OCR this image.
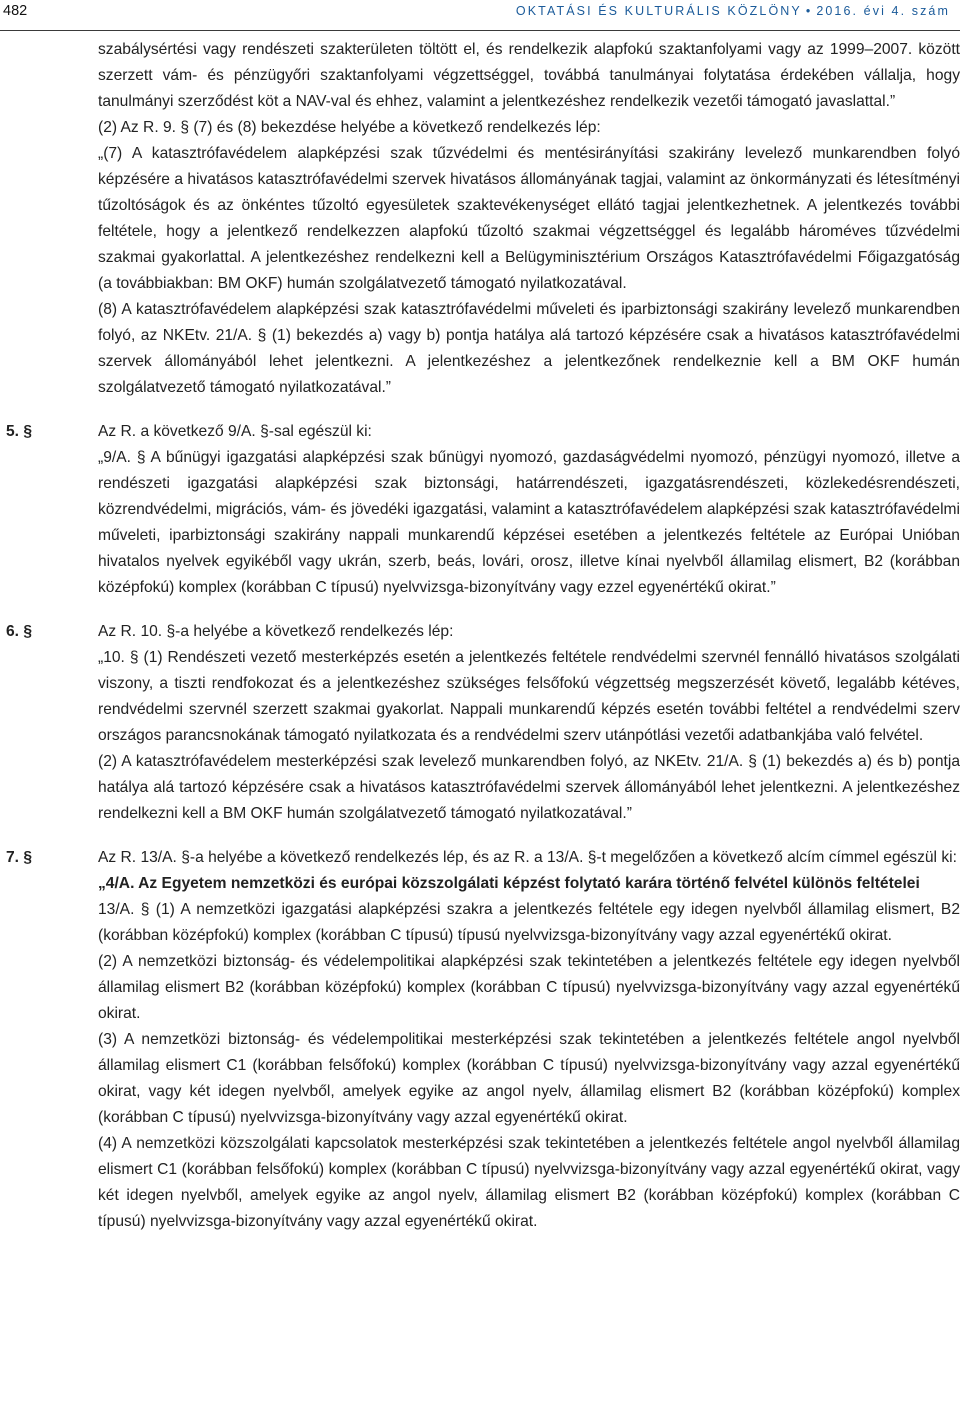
482	OKTATÁSI ÉS KULTURÁLIS KÖZLÖNY • 2016. évi 4. szám

szabálysértési vagy rendészeti szakterületen töltött el, és rendelkezik alapfokú szaktanfolyami vagy az 1999–2007. között szerzett vám- és pénzügyőri szaktanfolyami végzettséggel, továbbá tanulmányai folytatása érdekében vállalja, hogy tanulmányi szerződést köt a NAV-val és ehhez, valamint a jelentkezéshez rendelkezik vezetői támogató javaslattal.”

(2) Az R. 9. § (7) és (8) bekezdése helyébe a következő rendelkezés lép:

„(7) A katasztrófavédelem alapképzési szak tűzvédelmi és mentésirányítási szakirány levelező munkarendben folyó képzésére a hivatásos katasztrófavédelmi szervek hivatásos állományának tagjai, valamint az önkormányzati és létesítményi tűzoltóságok és az önkéntes tűzoltó egyesületek szaktevékenységet ellátó tagjai jelentkezhetnek. A jelentkezés további feltétele, hogy a jelentkező rendelkezzen alapfokú tűzoltó szakmai végzettséggel és legalább hároméves tűzvédelmi szakmai gyakorlattal. A jelentkezéshez rendelkezni kell a Belügyminisztérium Országos Katasztrófavédelmi Főigazgatóság (a továbbiakban: BM OKF) humán szolgálatvezető támogató nyilatkozatával.

(8) A katasztrófavédelem alapképzési szak katasztrófavédelmi műveleti és iparbiztonsági szakirány levelező munkarendben folyó, az NKEtv. 21/A. § (1) bekezdés a) vagy b) pontja hatálya alá tartozó képzésére csak a hivatásos katasztrófavédelmi szervek állományából lehet jelentkezni. A jelentkezéshez a jelentkezőnek rendelkeznie kell a BM OKF humán szolgálatvezető támogató nyilatkozatával.”

5. §	Az R. a következő 9/A. §-sal egészül ki:

„9/A. § A bűnügyi igazgatási alapképzési szak bűnügyi nyomozó, gazdaságvédelmi nyomozó, pénzügyi nyomozó, illetve a rendészeti igazgatási alapképzési szak biztonsági, határrendészeti, igazgatásrendészeti, közlekedésrendészeti, közrendvédelmi, migrációs, vám- és jövedéki igazgatási, valamint a katasztrófavédelem alapképzési szak katasztrófavédelmi műveleti, iparbiztonsági szakirány nappali munkarendű képzései esetében a jelentkezés feltétele az Európai Unióban hivatalos nyelvek egyikéből vagy ukrán, szerb, beás, lovári, orosz, illetve kínai nyelvből államilag elismert, B2 (korábban középfokú) komplex (korábban C típusú) nyelvvizsga-bizonyítvány vagy ezzel egyenértékű okirat.”

6. §	Az R. 10. §-a helyébe a következő rendelkezés lép:

„10. § (1) Rendészeti vezető mesterképzés esetén a jelentkezés feltétele rendvédelmi szervnél fennálló hivatásos szolgálati viszony, a tiszti rendfokozat és a jelentkezéshez szükséges felsőfokú végzettség megszerzését követő, legalább kétéves, rendvédelmi szervnél szerzett szakmai gyakorlat. Nappali munkarendű képzés esetén további feltétel a rendvédelmi szerv országos parancsnokának támogató nyilatkozata és a rendvédelmi szerv utánpótlási vezetői adatbankjába való felvétel.

(2) A katasztrófavédelem mesterképzési szak levelező munkarendben folyó, az NKEtv. 21/A. § (1) bekezdés a) és b) pontja hatálya alá tartozó képzésére csak a hivatásos katasztrófavédelmi szervek állományából lehet jelentkezni. A jelentkezéshez rendelkezni kell a BM OKF humán szolgálatvezető támogató nyilatkozatával.”

7. §	Az R. 13/A. §-a helyébe a következő rendelkezés lép, és az R. a 13/A. §-t megelőzően a következő alcím címmel egészül ki:

„4/A. Az Egyetem nemzetközi és európai közszolgálati képzést folytató karára történő felvétel különös feltételei

13/A. § (1) A nemzetközi igazgatási alapképzési szakra a jelentkezés feltétele egy idegen nyelvből államilag elismert, B2 (korábban középfokú) komplex (korábban C típusú) típusú nyelvvizsga-bizonyítvány vagy azzal egyenértékű okirat.

(2) A nemzetközi biztonság- és védelempolitikai alapképzési szak tekintetében a jelentkezés feltétele egy idegen nyelvből államilag elismert B2 (korábban középfokú) komplex (korábban C típusú) nyelvvizsga-bizonyítvány vagy azzal egyenértékű okirat.

(3) A nemzetközi biztonság- és védelempolitikai mesterképzési szak tekintetében a jelentkezés feltétele angol nyelvből államilag elismert C1 (korábban felsőfokú) komplex (korábban C típusú) nyelvvizsga-bizonyítvány vagy azzal egyenértékű okirat, vagy két idegen nyelvből, amelyek egyike az angol nyelv, államilag elismert B2 (korábban középfokú) komplex (korábban C típusú) nyelvvizsga-bizonyítvány vagy azzal egyenértékű okirat.

(4) A nemzetközi közszolgálati kapcsolatok mesterképzési szak tekintetében a jelentkezés feltétele angol nyelvből államilag elismert C1 (korábban felsőfokú) komplex (korábban C típusú) nyelvvizsga-bizonyítvány vagy azzal egyenértékű okirat, vagy két idegen nyelvből, amelyek egyike az angol nyelv, államilag elismert B2 (korábban középfokú) komplex (korábban C típusú) nyelvvizsga-bizonyítvány vagy azzal egyenértékű okirat.
